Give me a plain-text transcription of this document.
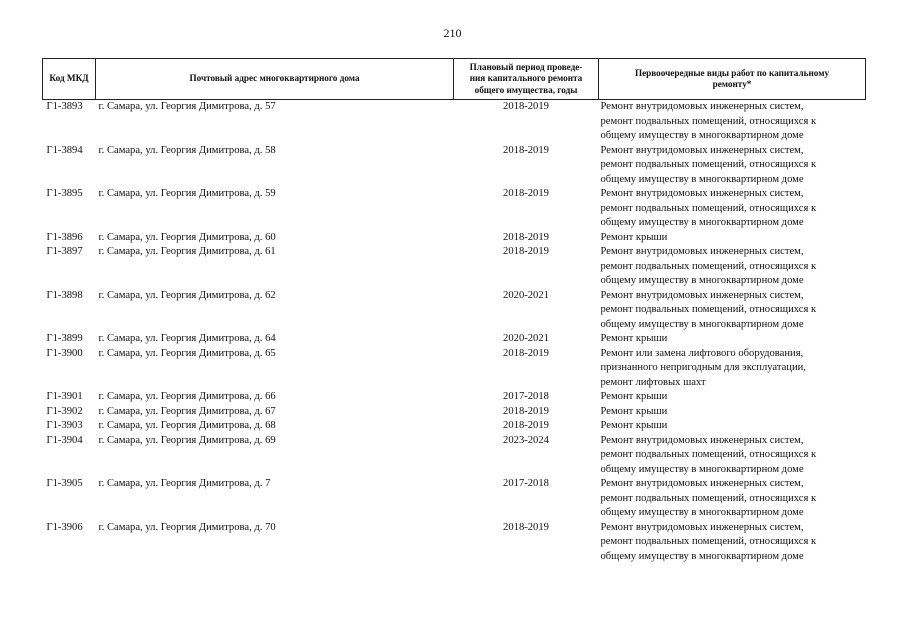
210
Код МКД	Почтовый адрес многоквартирного дома	Плановый период проведе-
ния капитального ремонта
общего имущества, годы	Первоочередные виды работ по капитальному
ремонту*

Г1-3893	г. Самара, ул. Георгия Димитрова, д. 57	2018-2019	Ремонт внутридомовых инженерных систем,
ремонт подвальных помещений, относящихся к
общему имуществу в многоквартирном доме

Г1-3894	г. Самара, ул. Георгия Димитрова, д. 58	2018-2019	Ремонт внутридомовых инженерных систем,
ремонт подвальных помещений, относящихся к
общему имуществу в многоквартирном доме

Г1-3895	г. Самара, ул. Георгия Димитрова, д. 59	2018-2019	Ремонт внутридомовых инженерных систем,
ремонт подвальных помещений, относящихся к
общему имуществу в многоквартирном доме

Г1-3896	г. Самара, ул. Георгия Димитрова, д. 60	2018-2019	Ремонт крыши

Г1-3897	г. Самара, ул. Георгия Димитрова, д. 61	2018-2019	Ремонт внутридомовых инженерных систем,
ремонт подвальных помещений, относящихся к
общему имуществу в многоквартирном доме

Г1-3898	г. Самара, ул. Георгия Димитрова, д. 62	2020-2021	Ремонт внутридомовых инженерных систем,
ремонт подвальных помещений, относящихся к
общему имуществу в многоквартирном доме

Г1-3899	г. Самара, ул. Георгия Димитрова, д. 64	2020-2021	Ремонт крыши

Г1-3900	г. Самара, ул. Георгия Димитрова, д. 65	2018-2019	Ремонт или замена лифтового оборудования,
признанного непригодным для эксплуатации,
ремонт лифтовых шахт

Г1-3901	г. Самара, ул. Георгия Димитрова, д. 66	2017-2018	Ремонт крыши

Г1-3902	г. Самара, ул. Георгия Димитрова, д. 67	2018-2019	Ремонт крыши

Г1-3903	г. Самара, ул. Георгия Димитрова, д. 68	2018-2019	Ремонт крыши

Г1-3904	г. Самара, ул. Георгия Димитрова, д. 69	2023-2024	Ремонт внутридомовых инженерных систем,
ремонт подвальных помещений, относящихся к
общему имуществу в многоквартирном доме

Г1-3905	г. Самара, ул. Георгия Димитрова, д. 7	2017-2018	Ремонт внутридомовых инженерных систем,
ремонт подвальных помещений, относящихся к
общему имуществу в многоквартирном доме

Г1-3906	г. Самара, ул. Георгия Димитрова, д. 70	2018-2019	Ремонт внутридомовых инженерных систем,
ремонт подвальных помещений, относящихся к
общему имуществу в многоквартирном доме
